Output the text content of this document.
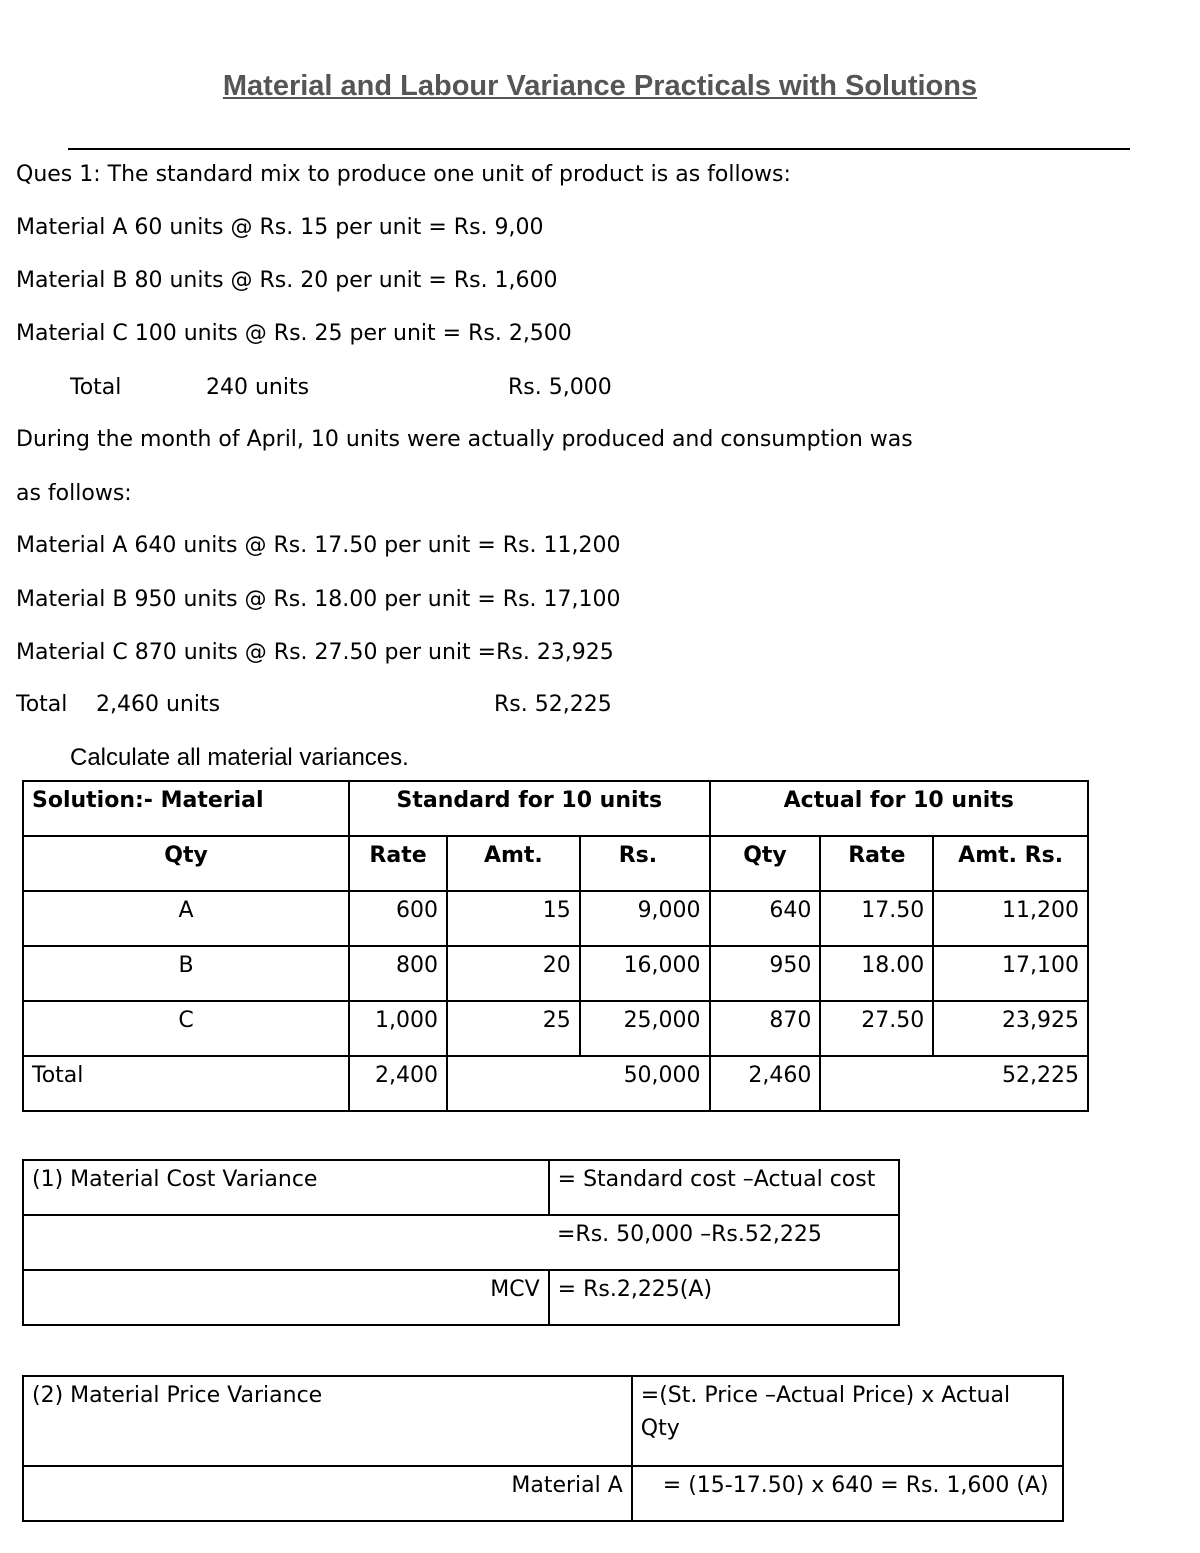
Material and Labour Variance Practicals with Solutions
Ques 1: The standard mix to produce one unit of product is as follows:
Material A 60 units @ Rs. 15 per unit = Rs. 9,00
Material B 80 units @ Rs. 20 per unit = Rs. 1,600
Material C 100 units @ Rs. 25 per unit = Rs. 2,500
Total	240 units	Rs. 5,000
During the month of April, 10 units were actually produced and consumption was
as follows:
Material A 640 units @ Rs. 17.50 per unit = Rs. 11,200
Material B 950 units @ Rs. 18.00 per unit = Rs. 17,100
Material C 870 units @ Rs. 27.50 per unit =Rs. 23,925
Total 2,460 units	Rs. 52,225
Calculate all material variances.
Solution:- Material	Standard for 10 units			Actual for 10 units		
Qty	Rate	Amt.	Rs.	Qty	Rate	Amt. Rs.
A	600	15	9,000	640	17.50	11,200
B	800	20	16,000	950	18.00	17,100
C	1,000	25	25,000	870	27.50	23,925
Total	2,400	50,000		2,460	52,225	
(1) Material Cost Variance	= Standard cost –Actual cost
=Rs. 50,000 –Rs.52,225	
MCV	= Rs.2,225(A)
(2) Material Price Variance	=(St. Price –Actual Price) x Actual Qty
Material A	= (15-17.50) x 640 = Rs. 1,600 (A)
